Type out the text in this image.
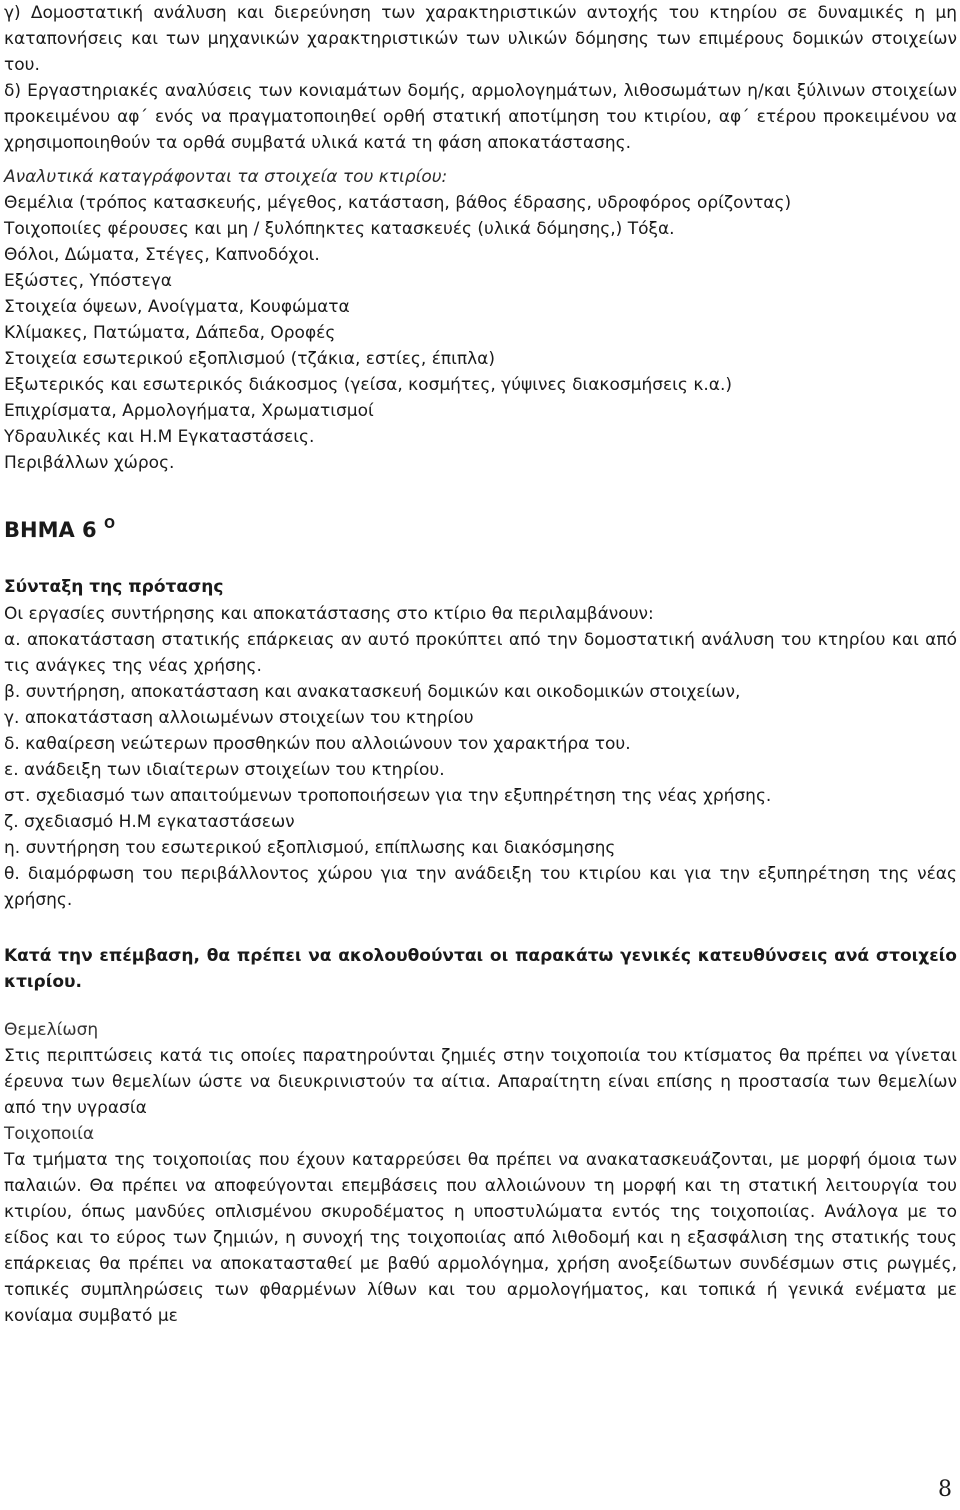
γ) Δομοστατική ανάλυση και διερεύνηση των χαρακτηριστικών αντοχής του κτηρίου σε δυναμικές η μη καταπονήσεις και των μηχανικών χαρακτηριστικών των υλικών δόμησης των επιμέρους δομικών στοιχείων του.

δ) Εργαστηριακές αναλύσεις των κονιαμάτων δομής, αρμολογημάτων, λιθοσωμάτων η/και ξύλινων στοιχείων προκειμένου αφ΄ ενός να πραγματοποιηθεί ορθή στατική αποτίμηση του κτιρίου, αφ΄ ετέρου προκειμένου να χρησιμοποιηθούν τα ορθά συμβατά υλικά κατά τη φάση αποκατάστασης.

Αναλυτικά καταγράφονται τα στοιχεία του κτιρίου:

Θεμέλια (τρόπος κατασκευής, μέγεθος, κατάσταση, βάθος έδρασης, υδροφόρος ορίζοντας)

Τοιχοποιίες φέρουσες και μη / ξυλόπηκτες κατασκευές (υλικά δόμησης,) Τόξα.

Θόλοι, Δώματα, Στέγες, Καπνοδόχοι.

Εξώστες, Υπόστεγα

Στοιχεία όψεων, Ανοίγματα, Κουφώματα

Κλίμακες, Πατώματα, Δάπεδα, Οροφές

Στοιχεία εσωτερικού εξοπλισμού (τζάκια, εστίες, έπιπλα)

Εξωτερικός και εσωτερικός διάκοσμος (γείσα, κοσμήτες, γύψινες διακοσμήσεις κ.α.)

Επιχρίσματα, Αρμολογήματα, Χρωματισμοί

Υδραυλικές και Η.Μ Εγκαταστάσεις.

Περιβάλλων χώρος.

ΒΗΜΑ 6 $^O$

Σύνταξη της πρότασης

Οι εργασίες συντήρησης και αποκατάστασης στο κτίριο θα περιλαμβάνουν:

α. αποκατάσταση στατικής επάρκειας αν αυτό προκύπτει από την δομοστατική ανάλυση του κτηρίου και από τις ανάγκες της νέας χρήσης.

β. συντήρηση, αποκατάσταση και ανακατασκευή δομικών και οικοδομικών στοιχείων,

γ. αποκατάσταση αλλοιωμένων στοιχείων του κτηρίου

δ. καθαίρεση νεώτερων προσθηκών που αλλοιώνουν τον χαρακτήρα του.

ε. ανάδειξη των ιδιαίτερων στοιχείων του κτηρίου.

στ. σχεδιασμό των απαιτούμενων τροποποιήσεων για την εξυπηρέτηση της νέας χρήσης.

ζ. σχεδιασμό Η.Μ εγκαταστάσεων

η. συντήρηση του εσωτερικού εξοπλισμού, επίπλωσης και διακόσμησης

θ. διαμόρφωση του περιβάλλοντος χώρου για την ανάδειξη του κτιρίου και για την εξυπηρέτηση της νέας χρήσης.

Κατά την επέμβαση, θα πρέπει να ακολουθούνται οι παρακάτω γενικές κατευθύνσεις ανά στοιχείο κτιρίου.

Θεμελίωση

Στις περιπτώσεις κατά τις οποίες παρατηρούνται ζημιές στην τοιχοποιία του κτίσματος θα πρέπει να γίνεται έρευνα των θεμελίων ώστε να διευκρινιστούν τα αίτια. Απαραίτητη είναι επίσης η προστασία των θεμελίων από την υγρασία

Τοιχοποιία

Τα τμήματα της τοιχοποιίας που έχουν καταρρεύσει θα πρέπει να ανακατασκευάζονται, με μορφή όμοια των παλαιών. Θα πρέπει να αποφεύγονται επεμβάσεις που αλλοιώνουν τη μορφή και τη στατική λειτουργία του κτιρίου, όπως μανδύες οπλισμένου σκυροδέματος η υποστυλώματα εντός της τοιχοποιίας. Ανάλογα με το είδος και το εύρος των ζημιών, η συνοχή της τοιχοποιίας από λιθοδομή και η εξασφάλιση της στατικής τους επάρκειας θα πρέπει να αποκατασταθεί με βαθύ αρμολόγημα, χρήση ανοξείδωτων συνδέσμων στις ρωγμές, τοπικές συμπληρώσεις των φθαρμένων λίθων και του αρμολογήματος, και τοπικά ή γενικά ενέματα με κονίαμα συμβατό με

8
